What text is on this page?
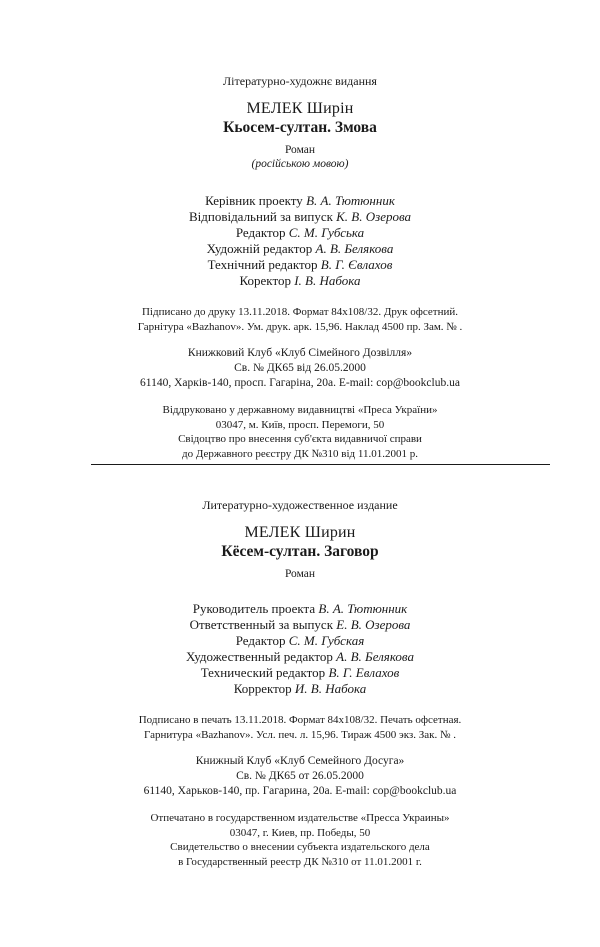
Літературно-художнє видання
МЕЛЕК Ширін
Кьосем-султан. Змова
Роман
(російською мовою)
Керівник проекту В. А. Тютюнник
Відповідальний за випуск К. В. Озерова
Редактор С. М. Губська
Художній редактор А. В. Белякова
Технічний редактор В. Г. Євлахов
Коректор І. В. Набока
Підписано до друку 13.11.2018. Формат 84x108/32. Друк офсетний.
Гарнітура «Bazhanov». Ум. друк. арк. 15,96. Наклад 4500 пр. Зам. № .
Книжковий Клуб «Клуб Сімейного Дозвілля»
Св. № ДК65 від 26.05.2000
61140, Харків-140, просп. Гагаріна, 20а. E-mail: cop@bookclub.ua
Віддруковано у державному видавництві «Преса України»
03047, м. Київ, просп. Перемоги, 50
Свідоцтво про внесення суб'єкта видавничої справи
до Державного реєстру ДК №310 від 11.01.2001 р.
Литературно-художественное издание
МЕЛЕК Ширин
Кёсем-султан. Заговор
Роман
Руководитель проекта В. А. Тютюнник
Ответственный за выпуск Е. В. Озерова
Редактор С. М. Губская
Художественный редактор А. В. Белякова
Технический редактор В. Г. Евлахов
Корректор И. В. Набока
Подписано в печать 13.11.2018. Формат 84x108/32. Печать офсетная.
Гарнитура «Bazhanov». Усл. печ. л. 15,96. Тираж 4500 экз. Зак. № .
Книжный Клуб «Клуб Семейного Досуга»
Св. № ДК65 от 26.05.2000
61140, Харьков-140, пр. Гагарина, 20а. E-mail: cop@bookclub.ua
Отпечатано в государственном издательстве «Пресса Украины»
03047, г. Киев, пр. Победы, 50
Свидетельство о внесении субъекта издательского дела
в Государственный реестр ДК №310 от 11.01.2001 г.
